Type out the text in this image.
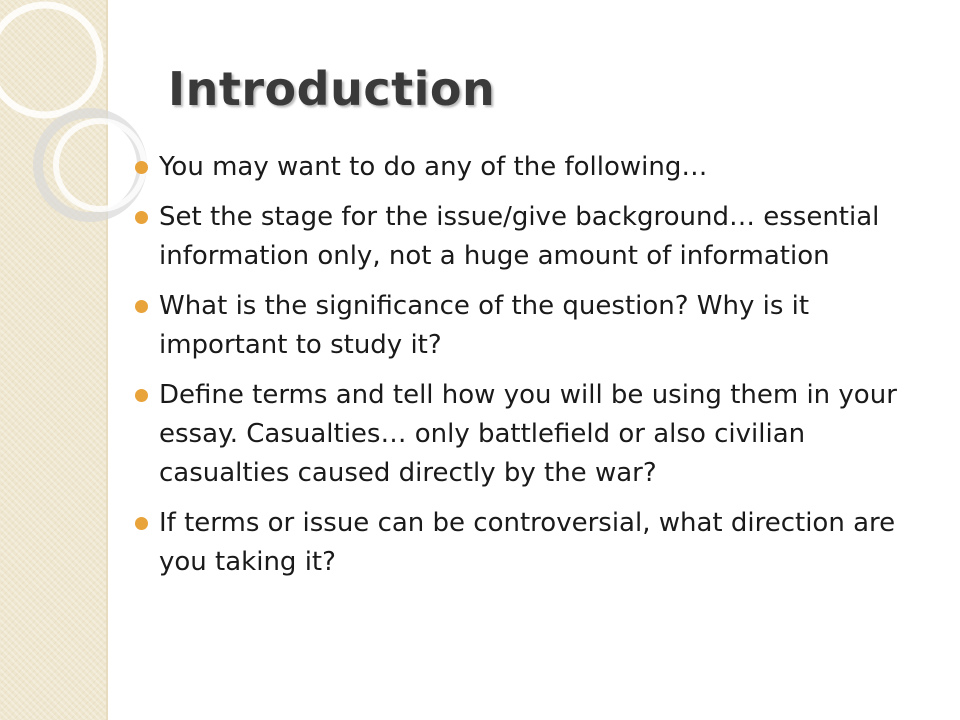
Introduction
You may want to do any of the following…
Set the stage for the issue/give background… essential information only, not a huge amount of information
What is the significance of the question? Why is it important to study it?
Define terms and tell how you will be using them in your essay. Casualties… only battlefield or also civilian casualties caused directly by the war?
If terms or issue can be controversial, what direction are you taking it?
